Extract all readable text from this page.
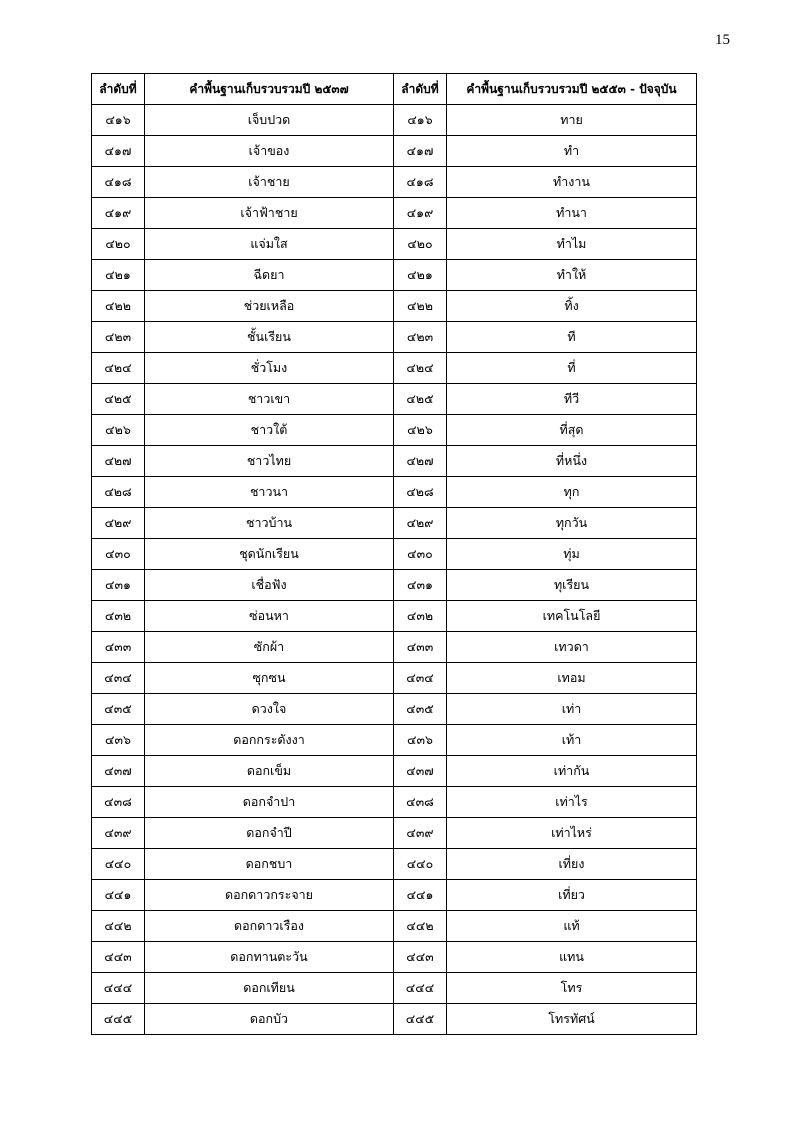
15
ลำดับที่	คำพื้นฐานเก็บรวบรวมปี ๒๕๓๗	ลำดับที่	คำพื้นฐานเก็บรวบรวมปี ๒๕๕๓ - ปัจจุบัน
๔๑๖	เจ็บปวด	๔๑๖	ทาย
๔๑๗	เจ้าของ	๔๑๗	ทำ
๔๑๘	เจ้าชาย	๔๑๘	ทำงาน
๔๑๙	เจ้าฟ้าชาย	๔๑๙	ทำนา
๔๒๐	แจ่มใส	๔๒๐	ทำไม
๔๒๑	ฉีดยา	๔๒๑	ทำให้
๔๒๒	ช่วยเหลือ	๔๒๒	ทิ้ง
๔๒๓	ชั้นเรียน	๔๒๓	ที
๔๒๔	ชั่วโมง	๔๒๔	ที่
๔๒๕	ชาวเขา	๔๒๕	ทีวี
๔๒๖	ชาวใต้	๔๒๖	ที่สุด
๔๒๗	ชาวไทย	๔๒๗	ที่หนึ่ง
๔๒๘	ชาวนา	๔๒๘	ทุก
๔๒๙	ชาวบ้าน	๔๒๙	ทุกวัน
๔๓๐	ชุดนักเรียน	๔๓๐	ทุ่ม
๔๓๑	เชื่อฟัง	๔๓๑	ทุเรียน
๔๓๒	ซ่อนหา	๔๓๒	เทคโนโลยี
๔๓๓	ซักผ้า	๔๓๓	เทวดา
๔๓๔	ซุกซน	๔๓๔	เทอม
๔๓๕	ดวงใจ	๔๓๕	เท่า
๔๓๖	ดอกกระดังงา	๔๓๖	เท้า
๔๓๗	ดอกเข็ม	๔๓๗	เท่ากัน
๔๓๘	ดอกจำปา	๔๓๘	เท่าไร
๔๓๙	ดอกจำปี	๔๓๙	เท่าไหร่
๔๔๐	ดอกชบา	๔๔๐	เที่ยง
๔๔๑	ดอกดาวกระจาย	๔๔๑	เที่ยว
๔๔๒	ดอกดาวเรือง	๔๔๒	แท้
๔๔๓	ดอกทานตะวัน	๔๔๓	แทน
๔๔๔	ดอกเทียน	๔๔๔	โทร
๔๔๕	ดอกบัว	๔๔๕	โทรทัศน์
